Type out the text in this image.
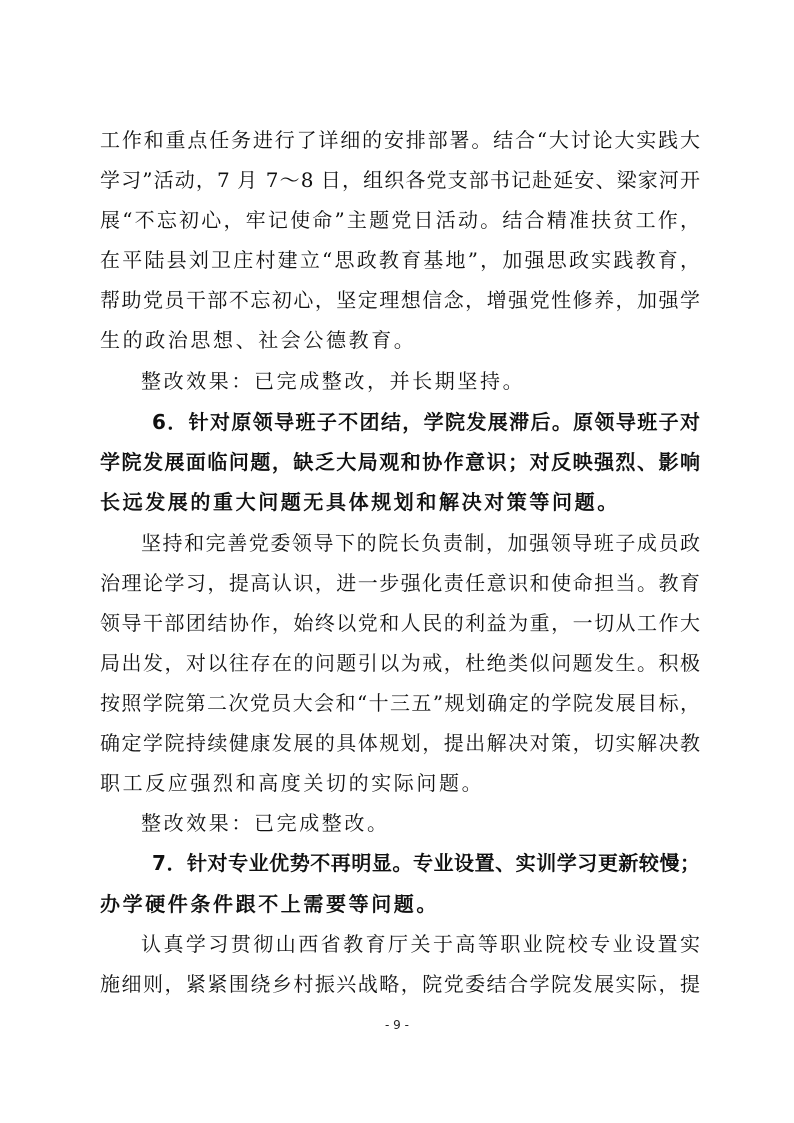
工作和重点任务进行了详细的安排部署。结合“大讨论大实践大
学习”活动，7 月 7～8 日，组织各党支部书记赴延安、梁家河开
展“不忘初心，牢记使命”主题党日活动。结合精准扶贫工作，
在平陆县刘卫庄村建立“思政教育基地”，加强思政实践教育，
帮助党员干部不忘初心，坚定理想信念，增强党性修养，加强学
生的政治思想、社会公德教育。
整改效果：已完成整改，并长期坚持。
6．针对原领导班子不团结，学院发展滞后。原领导班子对
学院发展面临问题，缺乏大局观和协作意识；对反映强烈、影响
长远发展的重大问题无具体规划和解决对策等问题。
坚持和完善党委领导下的院长负责制，加强领导班子成员政
治理论学习，提高认识，进一步强化责任意识和使命担当。教育
领导干部团结协作，始终以党和人民的利益为重，一切从工作大
局出发，对以往存在的问题引以为戒，杜绝类似问题发生。积极
按照学院第二次党员大会和“十三五”规划确定的学院发展目标，
确定学院持续健康发展的具体规划，提出解决对策，切实解决教
职工反应强烈和高度关切的实际问题。
整改效果：已完成整改。
7．针对专业优势不再明显。专业设置、实训学习更新较慢；
办学硬件条件跟不上需要等问题。
认真学习贯彻山西省教育厅关于高等职业院校专业设置实
施细则，紧紧围绕乡村振兴战略，院党委结合学院发展实际，提
- 9 -
